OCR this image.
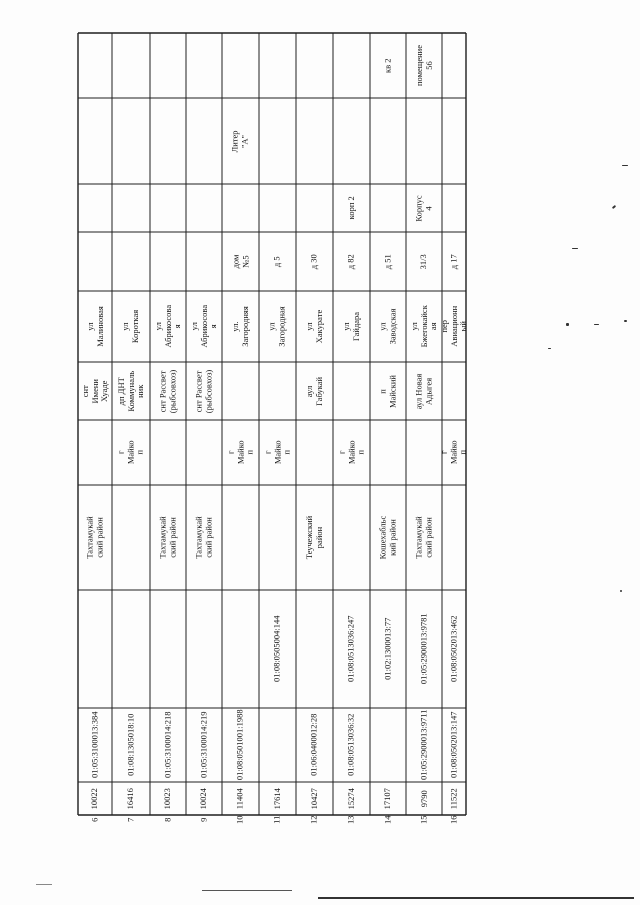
ул
Малиновая
снт Имени
Хуаде
Тахтамукай
ский район
01:05:3100013:384
10022
6
ул
Короткая
дп ДНТ
Коммуналь
ник
г
Майко
п
01:08:1305018:10
16416
7
ул
Абрикосова
я
снт Рассвет
(рыбсовхоз)
Тахтамукай
ский район
01:05:3100014:218
10023
8
ул
Абрикосова
я
снт Рассвет
(рыбсовхоз)
Тахтамукай
ский район
01:05:3100014:219
10024
9
Литер
"А"
дом
№5
ул.
Загородняя
г
Майко
п
01:08:0501001:1988
11404
10
д 5
ул
Загородная
г
Майко
п
01:08:0505004:144
17614
11
д 30
ул
Хакурате
аул
Габукай
Теучежский
район
01:06:0400012:28
10427
12
корп 2
д 82
ул Гайдара
г
Майко
п
01:08:0513036:247
01:08:0513036:32
15274
13
кв 2
д 51
ул
Заводская
п Майский
Кошехабльс
кий район
01:02:1300013:77
17107
14
помещение
56
Корпус
4
31/3
ул
Бжегокайск
ая
аул Новая
Адыгея
Тахтамукай
ский район
01:05:2900013:9781
01:05:2900013:9711
9790
15
д 17
пер
Авиационн
ый
г
Майко
п
01:08:0502013:462
01:08:0502013:147
11522
16
